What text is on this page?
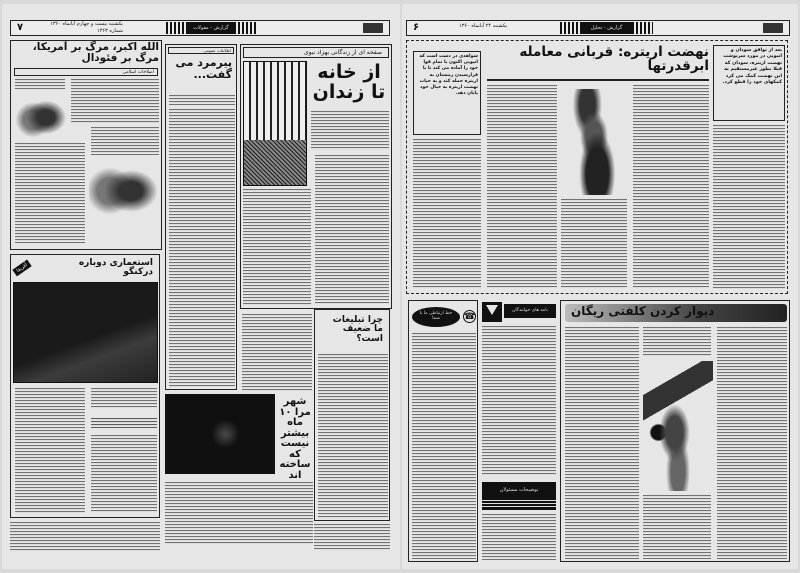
۷	یکشنبه بیست و چهارم آبانماه ۱۳۶۰
شماره ۱۳۶۳	گزارش - مقولات
الله اکبر، مرگ بر آمریکا، مرگ بر فئودال
اصلاحات اسلامی
استعماری دوباره درکنگو
آفریقا
اطلاعات عمومی
پیرمرد می گفت...
صفحه ای از زندگانی بهزاد نبوی
از خانه تا زندان
شهر مرا ۱۰ ماه بیشتر نیست که ساخته اند
چرا تبلیغات ما ضعیف است؟
۶	یکشنبه ۲۴ آبانماه ۱۳۶۰	گزارش - تحلیل
شواهدی در دست است که اتیوپی اکنون با تمام قوا خود را آماده می کند تا با فرارسیدن زمستان به اریتره حمله کند و به حیات نهضت اریتره به خیال خود پایان دهد.
نهضت اریتره: قربانی معامله ابرقدرتها
بعد از توافق سودان و اتیوپی در مورد سرنوشت نهضت اریتره، سودان که قبلا بطور غیرمستقیم به این نهضت کمک می کرد کمکهای خود را قطع کرد.
خط ارتباطی ما با شما	☎
نامه های خوانندگان
توضیحات مسئولان
دیوار کردن کلفتی ریگان
